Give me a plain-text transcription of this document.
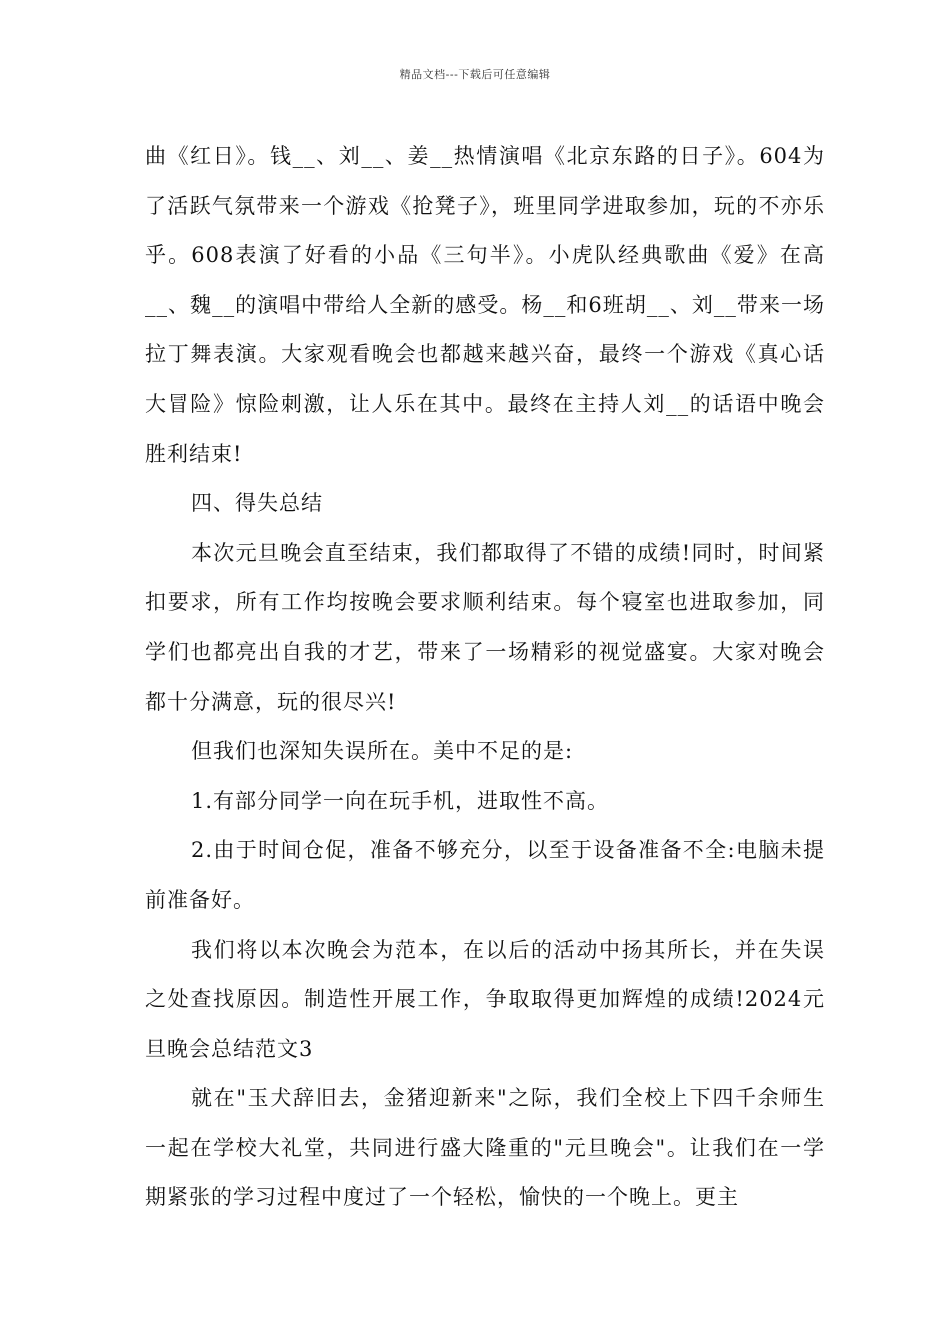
精品文档---下载后可任意编辑

曲《红日》。钱__、刘__、姜__热情演唱《北京东路的日子》。604为了活跃气氛带来一个游戏《抢凳子》，班里同学进取参加，玩的不亦乐乎。608表演了好看的小品《三句半》。小虎队经典歌曲《爱》在高__、魏__的演唱中带给人全新的感受。杨__和6班胡__、刘__带来一场拉丁舞表演。大家观看晚会也都越来越兴奋，最终一个游戏《真心话大冒险》惊险刺激，让人乐在其中。最终在主持人刘__的话语中晚会胜利结束!

四、得失总结

本次元旦晚会直至结束，我们都取得了不错的成绩!同时，时间紧扣要求，所有工作均按晚会要求顺利结束。每个寝室也进取参加，同学们也都亮出自我的才艺，带来了一场精彩的视觉盛宴。大家对晚会都十分满意，玩的很尽兴!

但我们也深知失误所在。美中不足的是:

1.有部分同学一向在玩手机，进取性不高。

2.由于时间仓促，准备不够充分，以至于设备准备不全:电脑未提前准备好。

我们将以本次晚会为范本，在以后的活动中扬其所长，并在失误之处查找原因。制造性开展工作，争取取得更加辉煌的成绩!2024元旦晚会总结范文3

就在"玉犬辞旧去，金猪迎新来"之际，我们全校上下四千余师生一起在学校大礼堂，共同进行盛大隆重的"元旦晚会"。让我们在一学期紧张的学习过程中度过了一个轻松，愉快的一个晚上。更主
